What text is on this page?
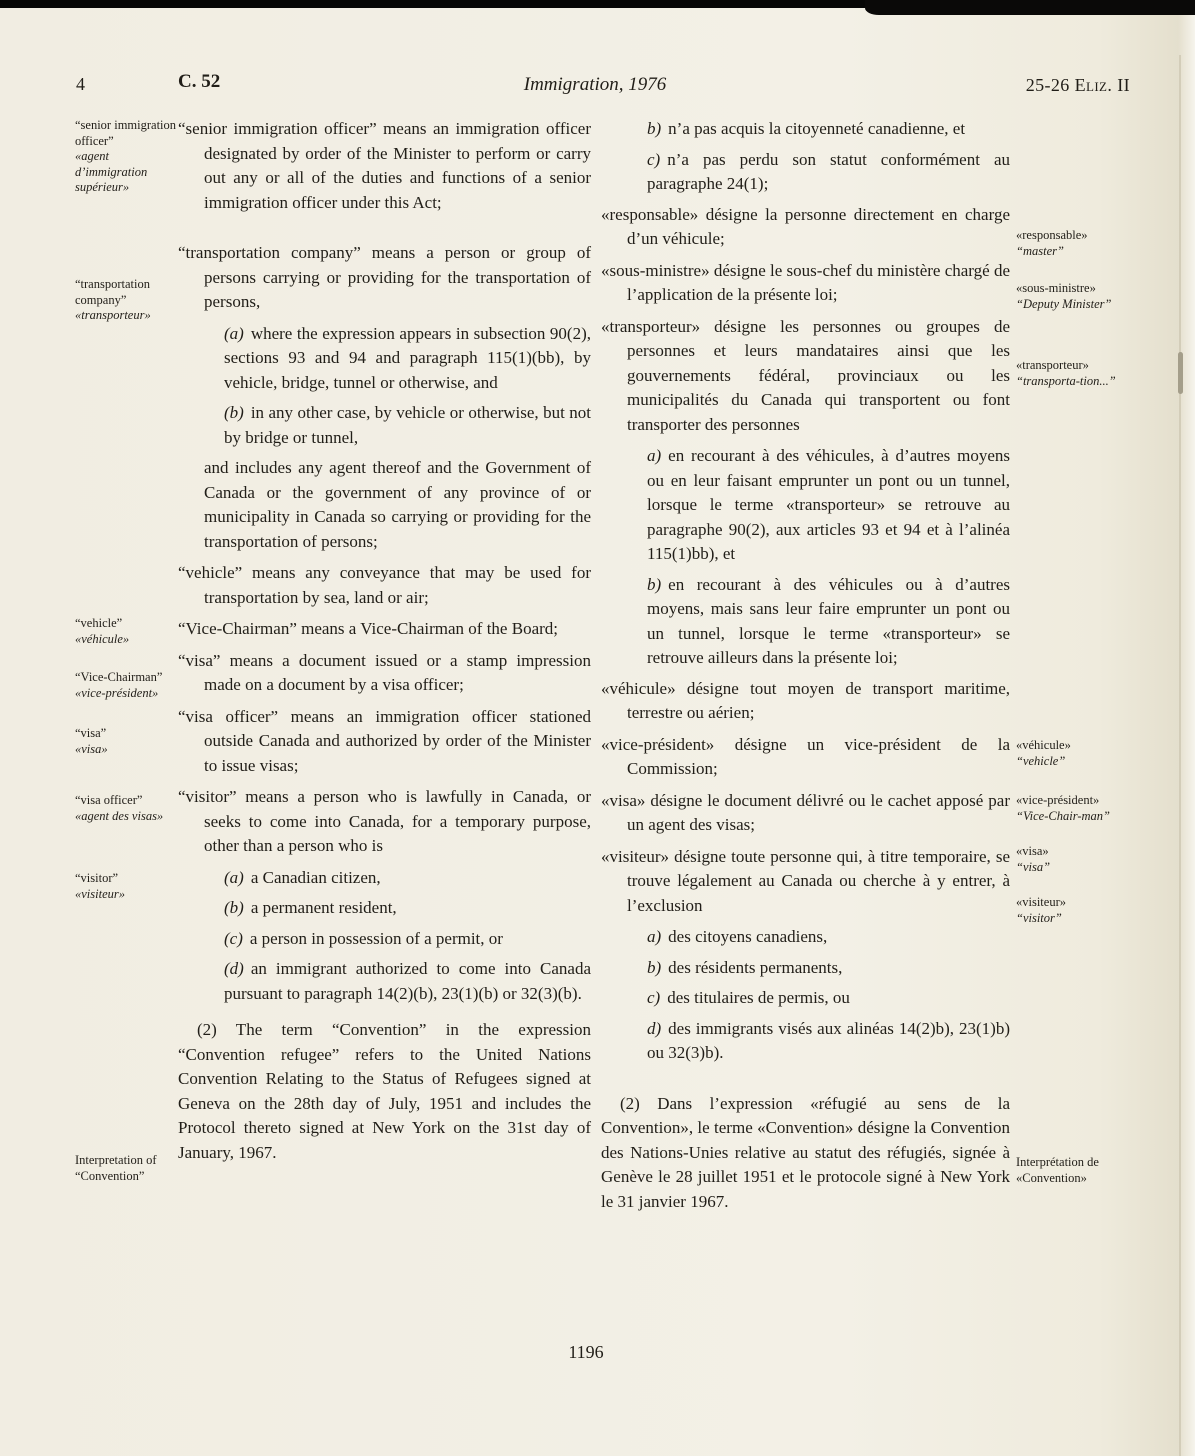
4	C. 52	Immigration, 1976	25-26 Eliz. II
“senior immigration officer”
«agent d’immigration supérieur»
“transportation company”
«transporteur»
“vehicle”
«véhicule»
“Vice-Chairman”
«vice-président»
“visa”
«visa»
“visa officer”
«agent des visas»
“visitor”
«visiteur»
Interpretation of “Convention”
«responsable»
“master”
«sous-ministre»
“Deputy Minister”
«transporteur»
“transporta-tion...”
«véhicule»
“vehicle”
«vice-président»
“Vice-Chair-man”
«visa»
“visa”
«visiteur»
“visitor”
Interprétation de «Convention»

“senior immigration officer” means an immigration officer designated by order of the Minister to perform or carry out any or all of the duties and functions of a senior immigration officer under this Act;

“transportation company” means a person or group of persons carrying or providing for the transportation of persons,

(a) where the expression appears in subsection 90(2), sections 93 and 94 and paragraph 115(1)(bb), by vehicle, bridge, tunnel or otherwise, and

(b) in any other case, by vehicle or otherwise, but not by bridge or tunnel,

and includes any agent thereof and the Government of Canada or the government of any province of or municipality in Canada so carrying or providing for the transportation of persons;

“vehicle” means any conveyance that may be used for transportation by sea, land or air;

“Vice-Chairman” means a Vice-Chairman of the Board;

“visa” means a document issued or a stamp impression made on a document by a visa officer;

“visa officer” means an immigration officer stationed outside Canada and authorized by order of the Minister to issue visas;

“visitor” means a person who is lawfully in Canada, or seeks to come into Canada, for a temporary purpose, other than a person who is

(a) a Canadian citizen,

(b) a permanent resident,

(c) a person in possession of a permit, or

(d) an immigrant authorized to come into Canada pursuant to paragraph 14(2)(b), 23(1)(b) or 32(3)(b).

(2) The term “Convention” in the expression “Convention refugee” refers to the United Nations Convention Relating to the Status of Refugees signed at Geneva on the 28th day of July, 1951 and includes the Protocol thereto signed at New York on the 31st day of January, 1967.

b) n’a pas acquis la citoyenneté canadienne, et

c) n’a pas perdu son statut conformément au paragraphe 24(1);

«responsable» désigne la personne directement en charge d’un véhicule;

«sous-ministre» désigne le sous-chef du ministère chargé de l’application de la présente loi;

«transporteur» désigne les personnes ou groupes de personnes et leurs mandataires ainsi que les gouvernements fédéral, provinciaux ou les municipalités du Canada qui transportent ou font transporter des personnes

a) en recourant à des véhicules, à d’autres moyens ou en leur faisant emprunter un pont ou un tunnel, lorsque le terme «transporteur» se retrouve au paragraphe 90(2), aux articles 93 et 94 et à l’alinéa 115(1)bb), et

b) en recourant à des véhicules ou à d’autres moyens, mais sans leur faire emprunter un pont ou un tunnel, lorsque le terme «transporteur» se retrouve ailleurs dans la présente loi;

«véhicule» désigne tout moyen de transport maritime, terrestre ou aérien;

«vice-président» désigne un vice-président de la Commission;

«visa» désigne le document délivré ou le cachet apposé par un agent des visas;

«visiteur» désigne toute personne qui, à titre temporaire, se trouve légalement au Canada ou cherche à y entrer, à l’exclusion

a) des citoyens canadiens,

b) des résidents permanents,

c) des titulaires de permis, ou

d) des immigrants visés aux alinéas 14(2)b), 23(1)b) ou 32(3)b).

(2) Dans l’expression «réfugié au sens de la Convention», le terme «Convention» désigne la Convention des Nations-Unies relative au statut des réfugiés, signée à Genève le 28 juillet 1951 et le protocole signé à New York le 31 janvier 1967.

1196
